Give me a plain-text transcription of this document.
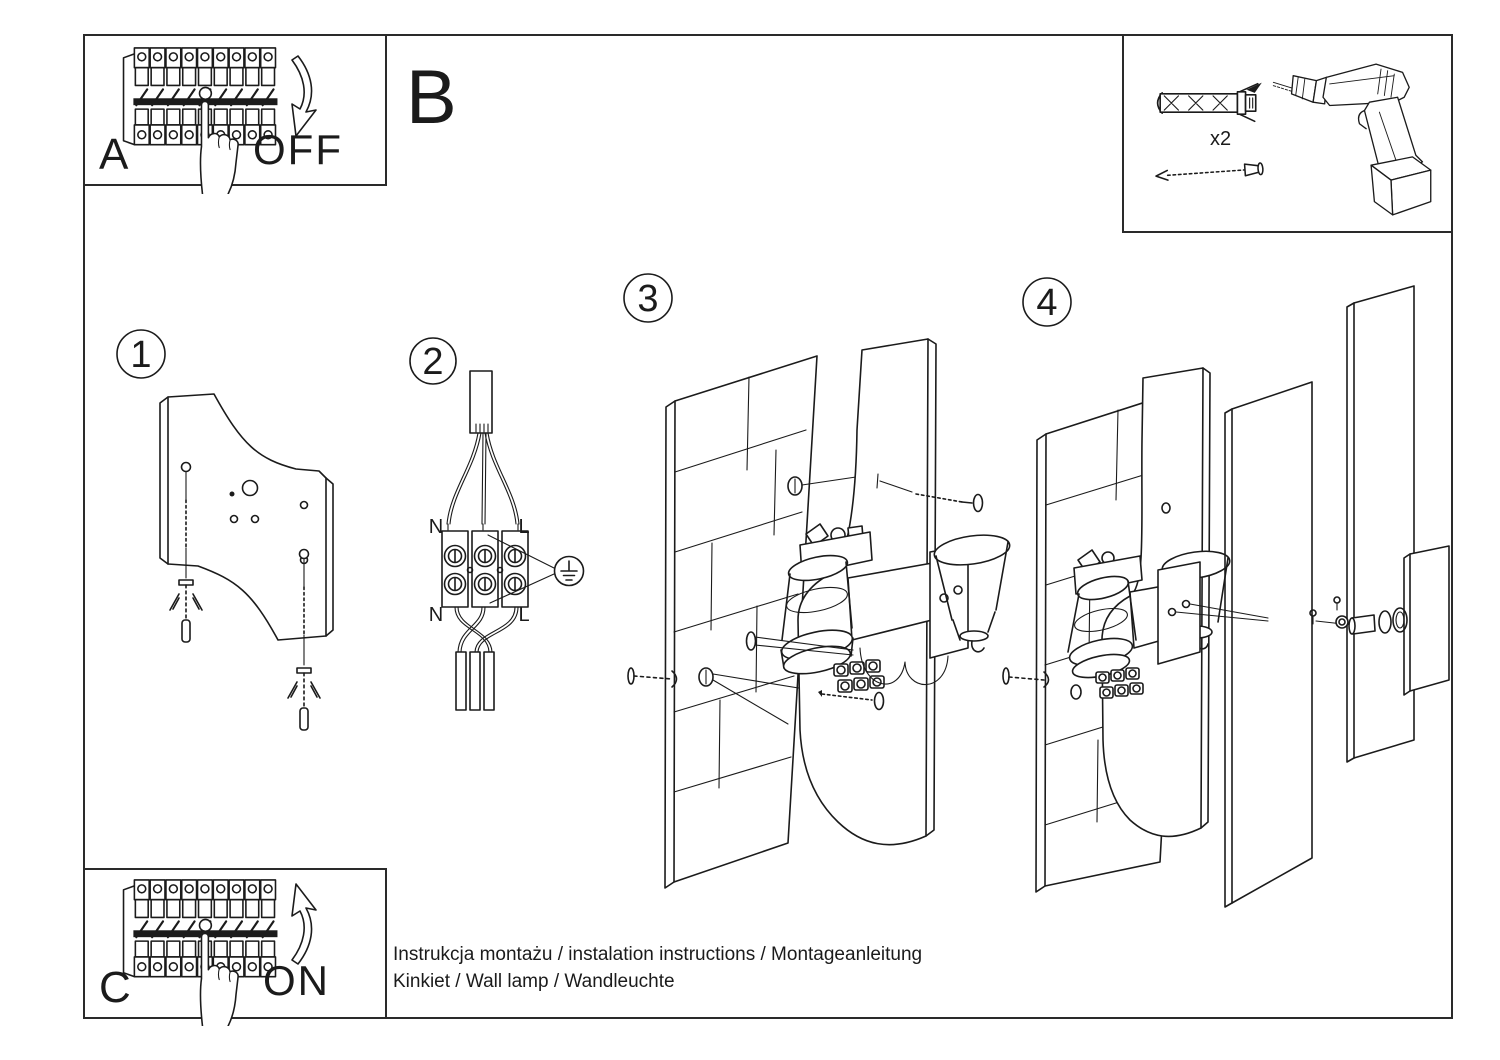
A	OFF
B	x2
1	2
3	4
N	L
N	L
C	ON
Instrukcja montażu / instalation instructions / Montageanleitung
Kinkiet / Wall lamp / Wandleuchte
